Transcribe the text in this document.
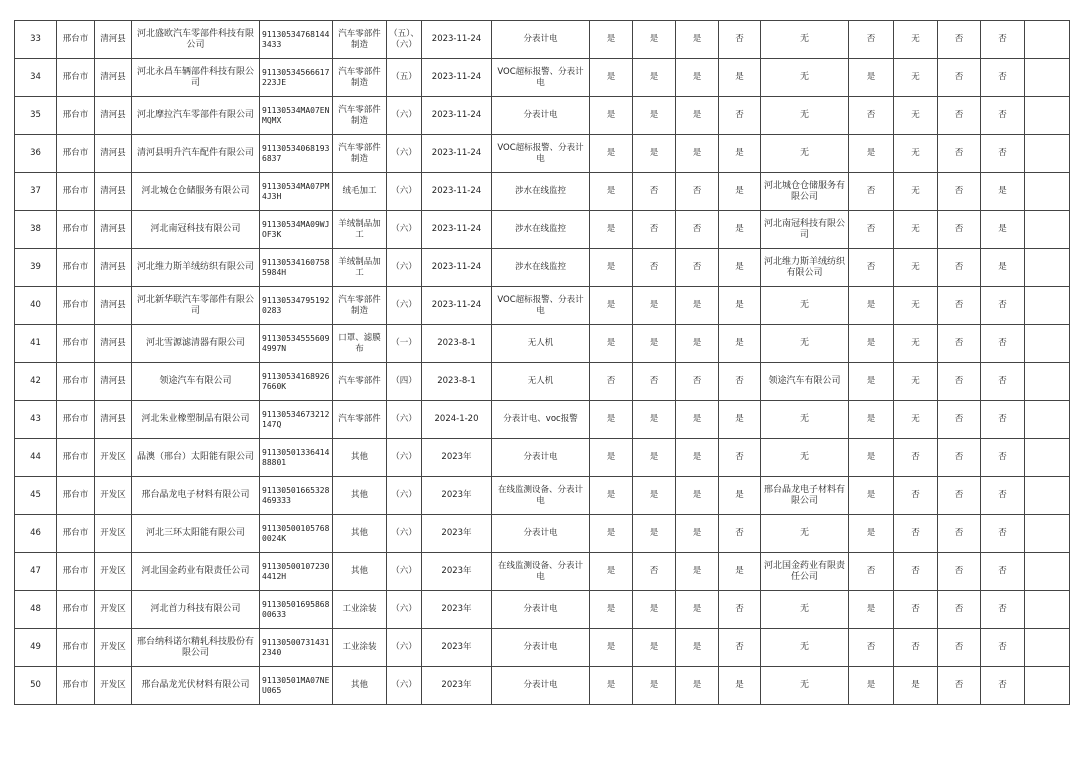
33	邢台市	清河县	河北盛欧汽车零部件科技有限公司	911305347681443433	汽车零部件制造	（五）、（六）	2023-11-24	分表计电	是	是	是	否	无	否	无	否	否	
34	邢台市	清河县	河北永昌车辆部件科技有限公司	91130534566617223JE	汽车零部件制造	（五）	2023-11-24	VOC超标报警、分表计电	是	是	是	是	无	是	无	否	否	
35	邢台市	清河县	河北摩拉汽车零部件有限公司	91130534MA07ENMQMX	汽车零部件制造	（六）	2023-11-24	分表计电	是	是	是	否	无	否	无	否	否	
36	邢台市	清河县	清河县明升汽车配件有限公司	911305340681936837	汽车零部件制造	（六）	2023-11-24	VOC超标报警、分表计电	是	是	是	是	无	是	无	否	否	
37	邢台市	清河县	河北城仓仓储服务有限公司	91130534MA07PM4J3H	绒毛加工	（六）	2023-11-24	涉水在线监控	是	否	否	是	河北城仓仓储服务有限公司	否	无	否	是	
38	邢台市	清河县	河北南冠科技有限公司	91130534MA09WJOF3K	羊绒制品加工	（六）	2023-11-24	涉水在线监控	是	否	否	是	河北南冠科技有限公司	否	无	否	是	
39	邢台市	清河县	河北维力斯羊绒纺织有限公司	911305341607585984H	羊绒制品加工	（六）	2023-11-24	涉水在线监控	是	否	否	是	河北维力斯羊绒纺织有限公司	否	无	否	是	
40	邢台市	清河县	河北新华联汽车零部件有限公司	911305347951920283	汽车零部件制造	（六）	2023-11-24	VOC超标报警、分表计电	是	是	是	是	无	是	无	否	否	
41	邢台市	清河县	河北雪源滤清器有限公司	911305345556094997N	口罩、滤膜布	（一）	2023-8-1	无人机	是	是	是	是	无	是	无	否	否	
42	邢台市	清河县	领途汽车有限公司	911305341689267660K	汽车零部件	（四）	2023-8-1	无人机	否	否	否	否	领途汽车有限公司	是	无	否	否	
43	邢台市	清河县	河北朱业橡塑制品有限公司	91130534673212147Q	汽车零部件	（六）	2024-1-20	分表计电、voc报警	是	是	是	是	无	是	无	否	否	
44	邢台市	开发区	晶澳（邢台）太阳能有限公司	9113050133641488801	其他	（六）	2023年	分表计电	是	是	是	否	无	是	否	否	否	
45	邢台市	开发区	邢台晶龙电子材料有限公司	91130501665328469333	其他	（六）	2023年	在线监测设备、分表计电	是	是	是	是	邢台晶龙电子材料有限公司	是	否	否	否	
46	邢台市	开发区	河北三环太阳能有限公司	911305001057680024K	其他	（六）	2023年	分表计电	是	是	是	否	无	是	否	否	否	
47	邢台市	开发区	河北国金药业有限责任公司	911305001072304412H	其他	（六）	2023年	在线监测设备、分表计电	是	否	是	是	河北国金药业有限责任公司	否	否	否	否	
48	邢台市	开发区	河北首力科技有限公司	9113050169586800633	工业涂装	（六）	2023年	分表计电	是	是	是	否	无	是	否	否	否	
49	邢台市	开发区	邢台纳科诺尔精轧科技股份有限公司	911305007314312340	工业涂装	（六）	2023年	分表计电	是	是	是	否	无	否	否	否	否	
50	邢台市	开发区	邢台晶龙光伏材料有限公司	91130501MA07NEU065	其他	（六）	2023年	分表计电	是	是	是	是	无	是	是	否	否	
